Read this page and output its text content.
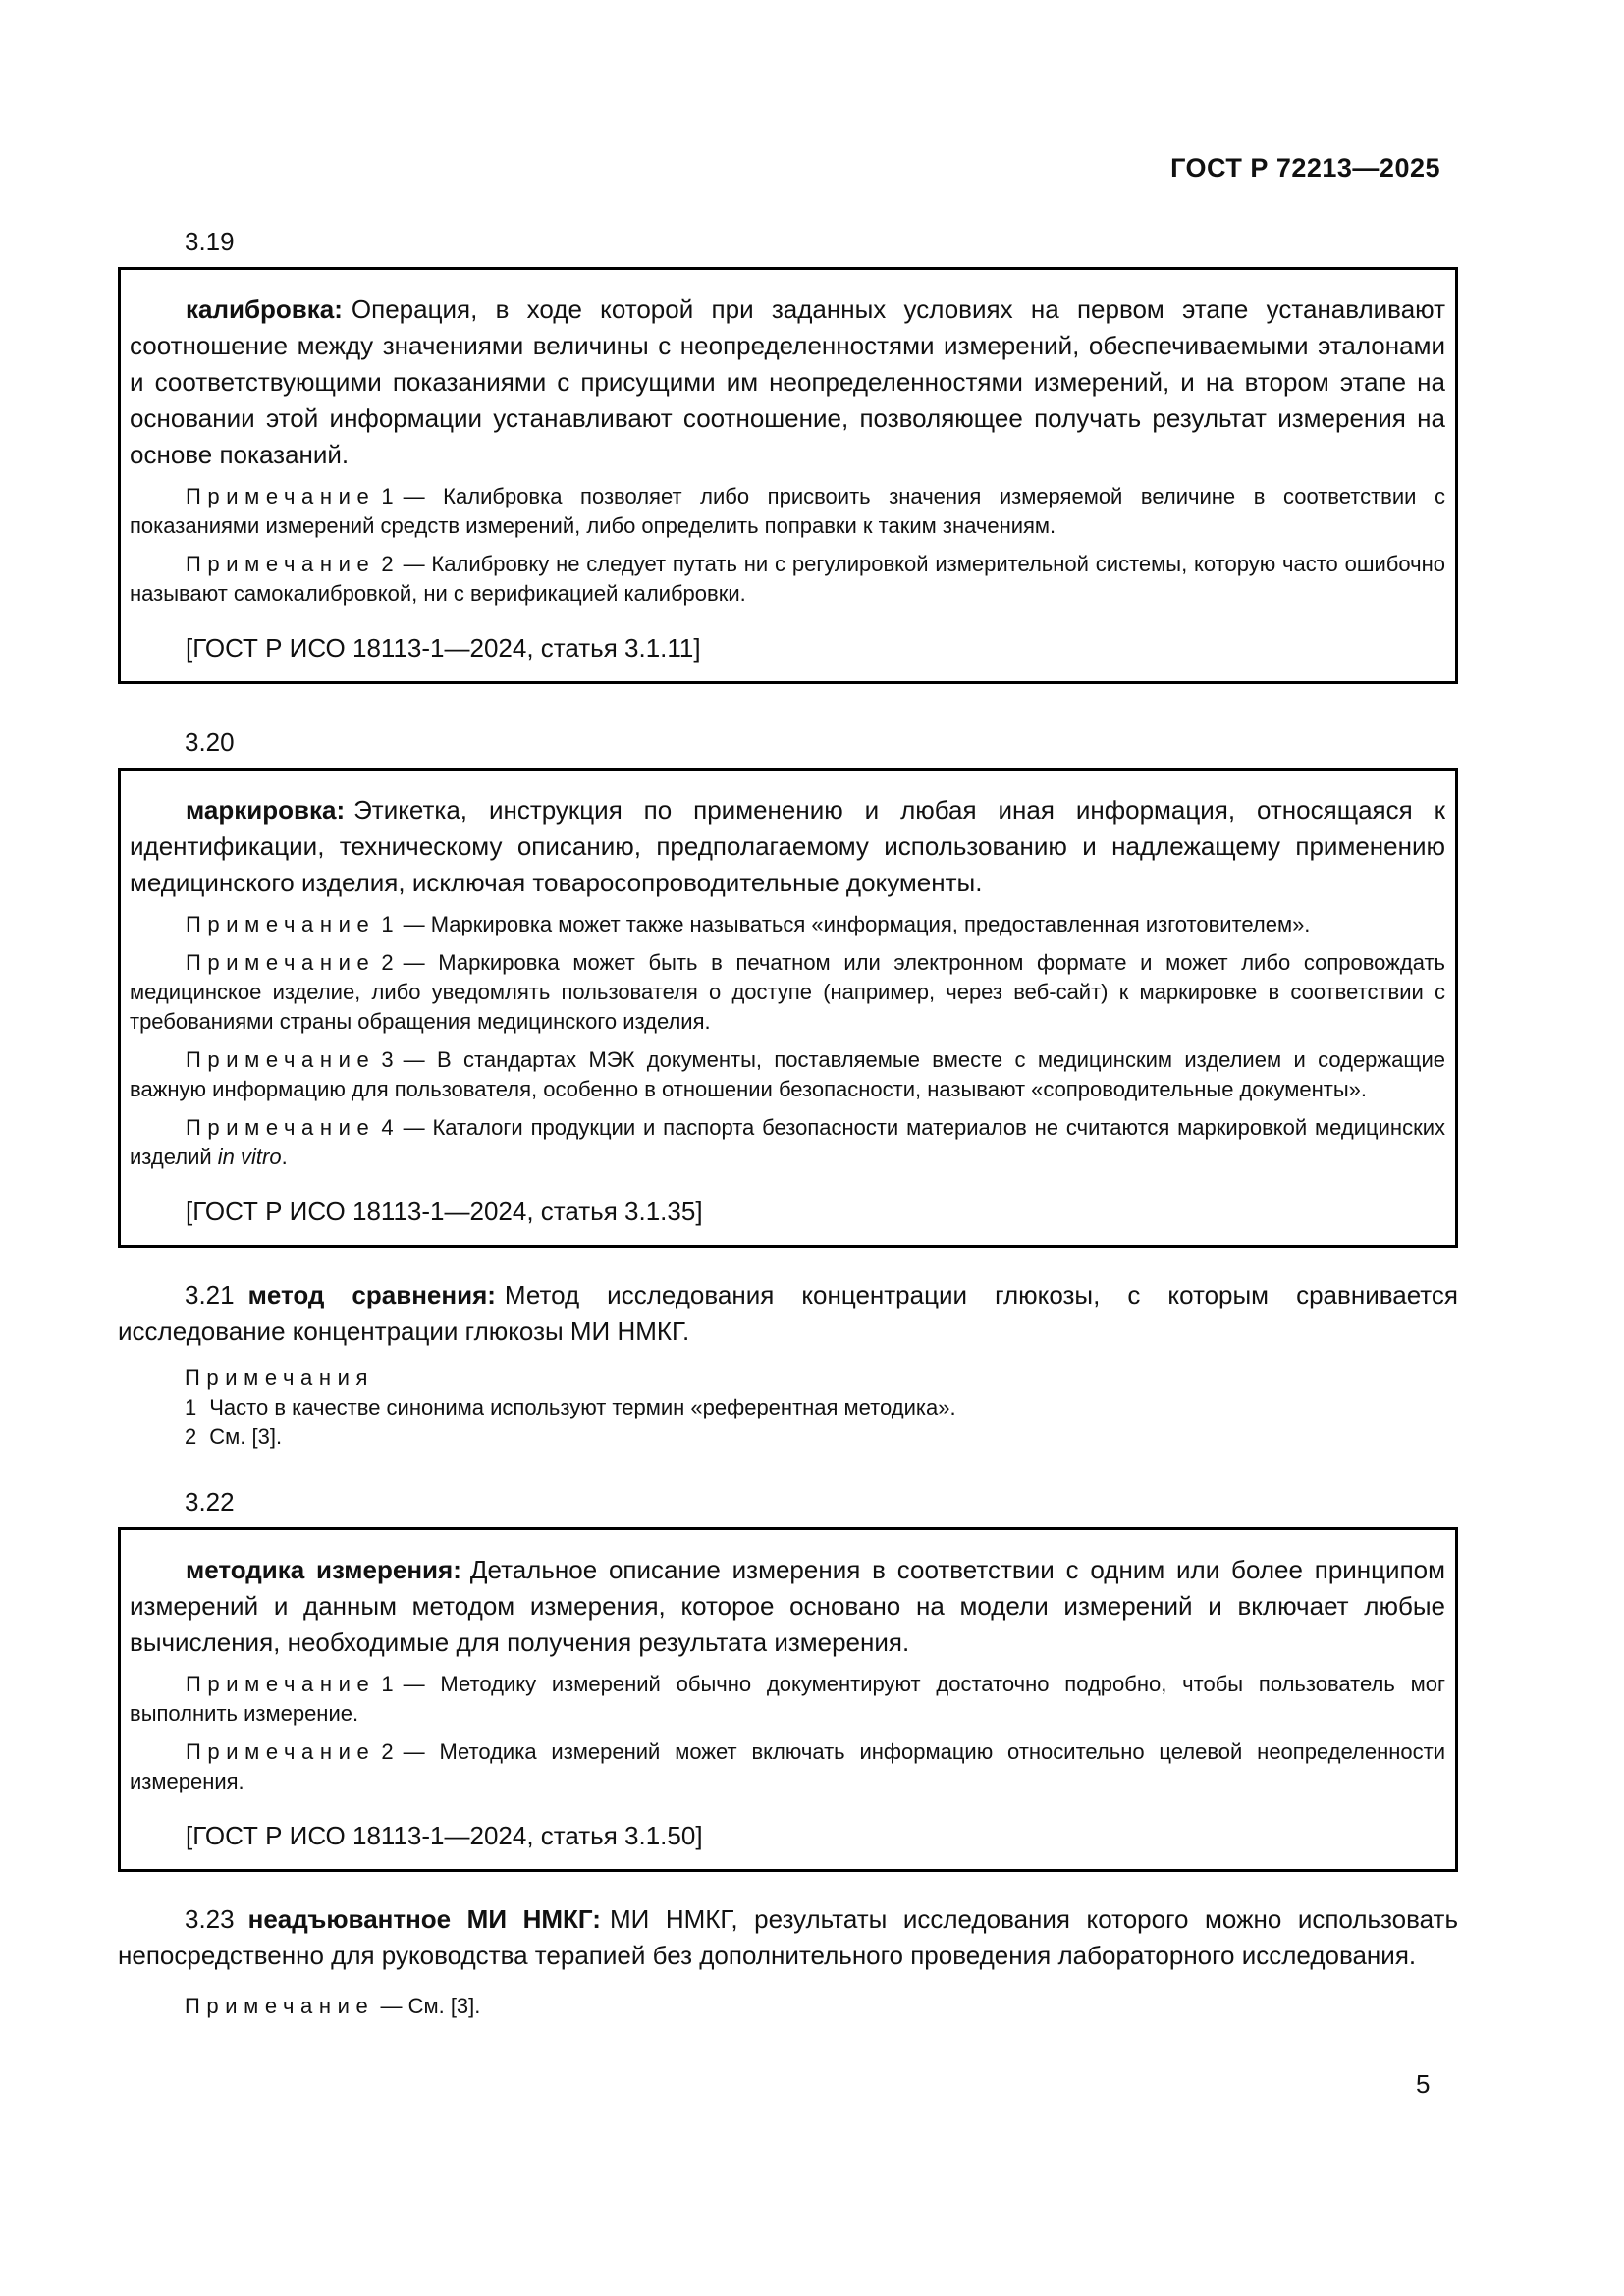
ГОСТ Р 72213—2025
3.19

калибровка: Операция, в ходе которой при заданных условиях на первом этапе устанавливают соотношение между значениями величины с неопределенностями измерений, обеспечиваемыми эталонами и соответствующими показаниями с присущими им неопределенностями измерений, и на втором этапе на основании этой информации устанавливают соотношение, позволяющее получать результат измерения на основе показаний.

Примечание 1 — Калибровка позволяет либо присвоить значения измеряемой величине в соответствии с показаниями измерений средств измерений, либо определить поправки к таким значениям.

Примечание 2 — Калибровку не следует путать ни с регулировкой измерительной системы, которую часто ошибочно называют самокалибровкой, ни с верификацией калибровки.

[ГОСТ Р ИСО 18113-1—2024, статья 3.1.11]

3.20

маркировка: Этикетка, инструкция по применению и любая иная информация, относящаяся к идентификации, техническому описанию, предполагаемому использованию и надлежащему применению медицинского изделия, исключая товаросопроводительные документы.

Примечание 1 — Маркировка может также называться «информация, предоставленная изготовителем».

Примечание 2 — Маркировка может быть в печатном или электронном формате и может либо сопровождать медицинское изделие, либо уведомлять пользователя о доступе (например, через веб-сайт) к маркировке в соответствии с требованиями страны обращения медицинского изделия.

Примечание 3 — В стандартах МЭК документы, поставляемые вместе с медицинским изделием и содержащие важную информацию для пользователя, особенно в отношении безопасности, называют «сопроводительные документы».

Примечание 4 — Каталоги продукции и паспорта безопасности материалов не считаются маркировкой медицинских изделий in vitro.

[ГОСТ Р ИСО 18113-1—2024, статья 3.1.35]

3.21 метод сравнения: Метод исследования концентрации глюкозы, с которым сравнивается исследование концентрации глюкозы МИ НМКГ.

Примечания
1 Часто в качестве синонима используют термин «референтная методика».
2 См. [3].
3.22

методика измерения: Детальное описание измерения в соответствии с одним или более принципом измерений и данным методом измерения, которое основано на модели измерений и включает любые вычисления, необходимые для получения результата измерения.

Примечание 1 — Методику измерений обычно документируют достаточно подробно, чтобы пользователь мог выполнить измерение.

Примечание 2 — Методика измерений может включать информацию относительно целевой неопределенности измерения.

[ГОСТ Р ИСО 18113-1—2024, статья 3.1.50]

3.23 неадъювантное МИ НМКГ: МИ НМКГ, результаты исследования которого можно использовать непосредственно для руководства терапией без дополнительного проведения лабораторного исследования.

Примечание — См. [3].
5
